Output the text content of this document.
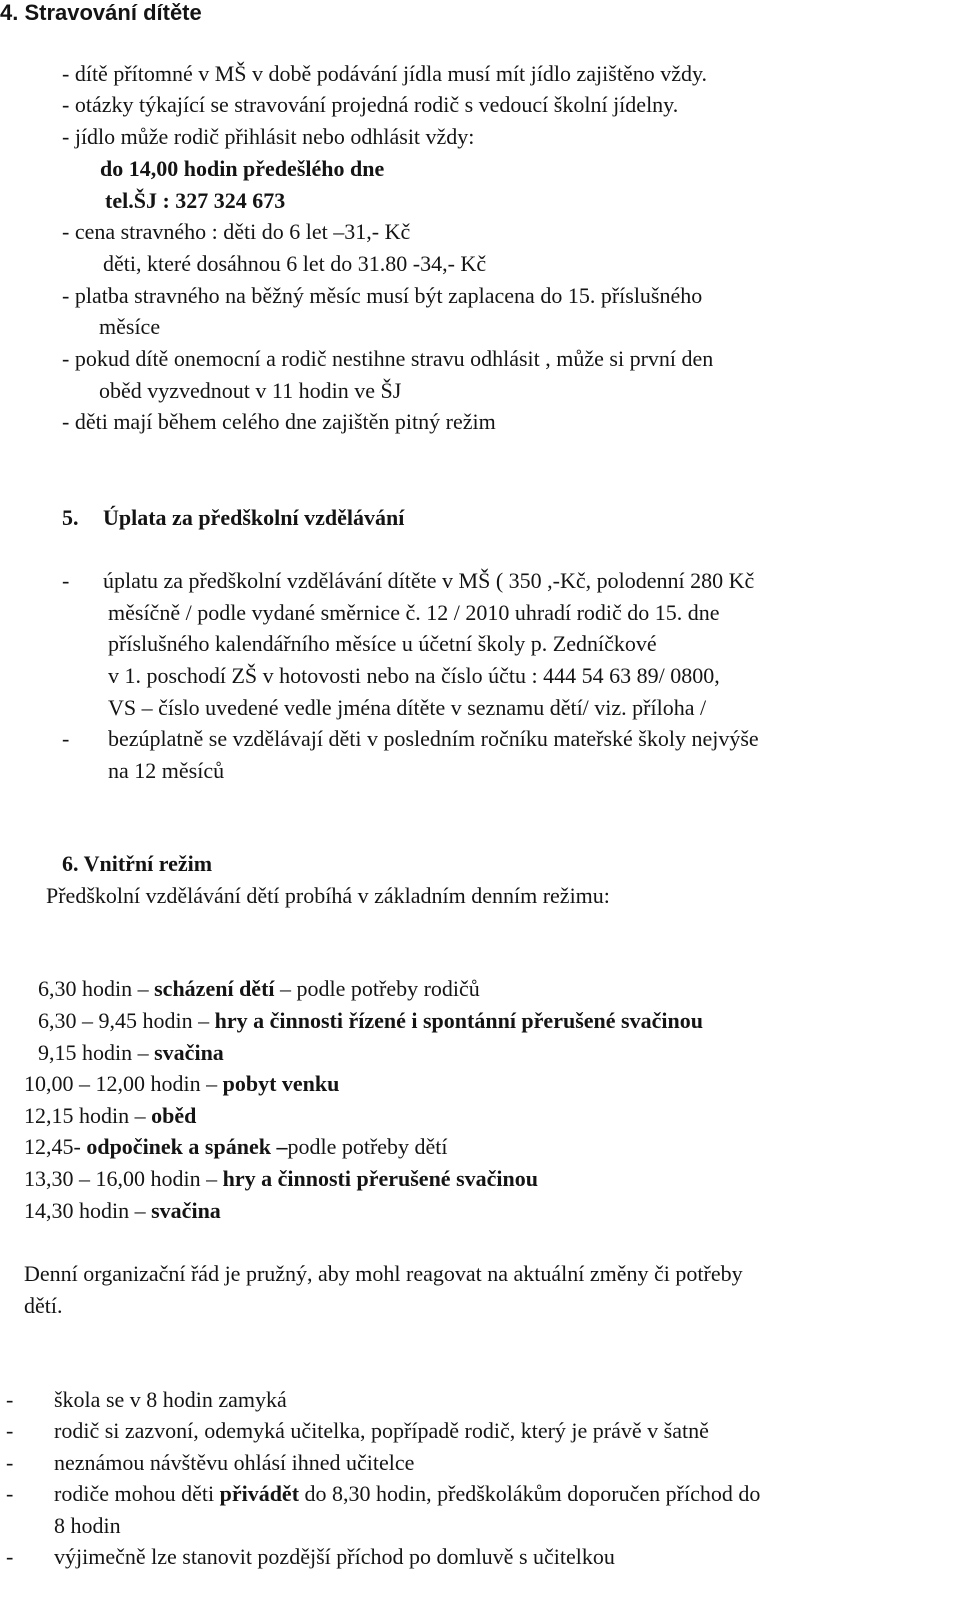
4. Stravování dítěte
- dítě přítomné v MŠ v době podávání jídla musí mít jídlo zajištěno vždy.
- otázky týkající se stravování projedná rodič s vedoucí školní jídelny.
- jídlo může rodič přihlásit nebo odhlásit vždy:
do 14,00 hodin předešlého dne
tel.ŠJ : 327 324 673
- cena stravného : děti do 6 let –31,- Kč
děti, které dosáhnou 6 let do 31.80 -34,- Kč
- platba stravného na běžný měsíc musí být zaplacena do 15. příslušného
měsíce
- pokud dítě onemocní a rodič nestihne stravu odhlásit , může si první den
oběd vyzvednout v 11 hodin ve ŠJ
- děti mají během celého dne zajištěn pitný režim
5. Úplata za předškolní vzdělávání
- úplatu za předškolní vzdělávání dítěte v MŠ ( 350 ,-Kč, polodenní 280 Kč
měsíčně / podle vydané směrnice č. 12 / 2010 uhradí rodič do 15. dne
příslušného kalendářního měsíce u účetní školy p. Zedníčkové
v 1. poschodí ZŠ v hotovosti nebo na číslo účtu : 444 54 63 89/ 0800,
VS – číslo uvedené vedle jména dítěte v seznamu dětí/ viz. příloha /
- bezúplatně se vzdělávají děti v posledním ročníku mateřské školy nejvýše
na 12 měsíců
6. Vnitřní režim
Předškolní vzdělávání dětí probíhá v základním denním režimu:
6,30 hodin – scházení dětí – podle potřeby rodičů
6,30 – 9,45 hodin – hry a činnosti řízené i spontánní přerušené svačinou
9,15 hodin – svačina
10,00 – 12,00 hodin – pobyt venku
12,15 hodin – oběd
12,45- odpočinek a spánek –podle potřeby dětí
13,30 – 16,00 hodin – hry a činnosti přerušené svačinou
14,30 hodin – svačina
Denní organizační řád je pružný, aby mohl reagovat na aktuální změny či potřeby
dětí.
- škola se v 8 hodin zamyká
- rodič si zazvoní, odemyká učitelka, popřípadě rodič, který je právě v šatně
- neznámou návštěvu ohlásí ihned učitelce
- rodiče mohou děti přivádět do 8,30 hodin, předškolákům doporučen příchod do
8 hodin
- výjimečně lze stanovit pozdější příchod po domluvě s učitelkou
